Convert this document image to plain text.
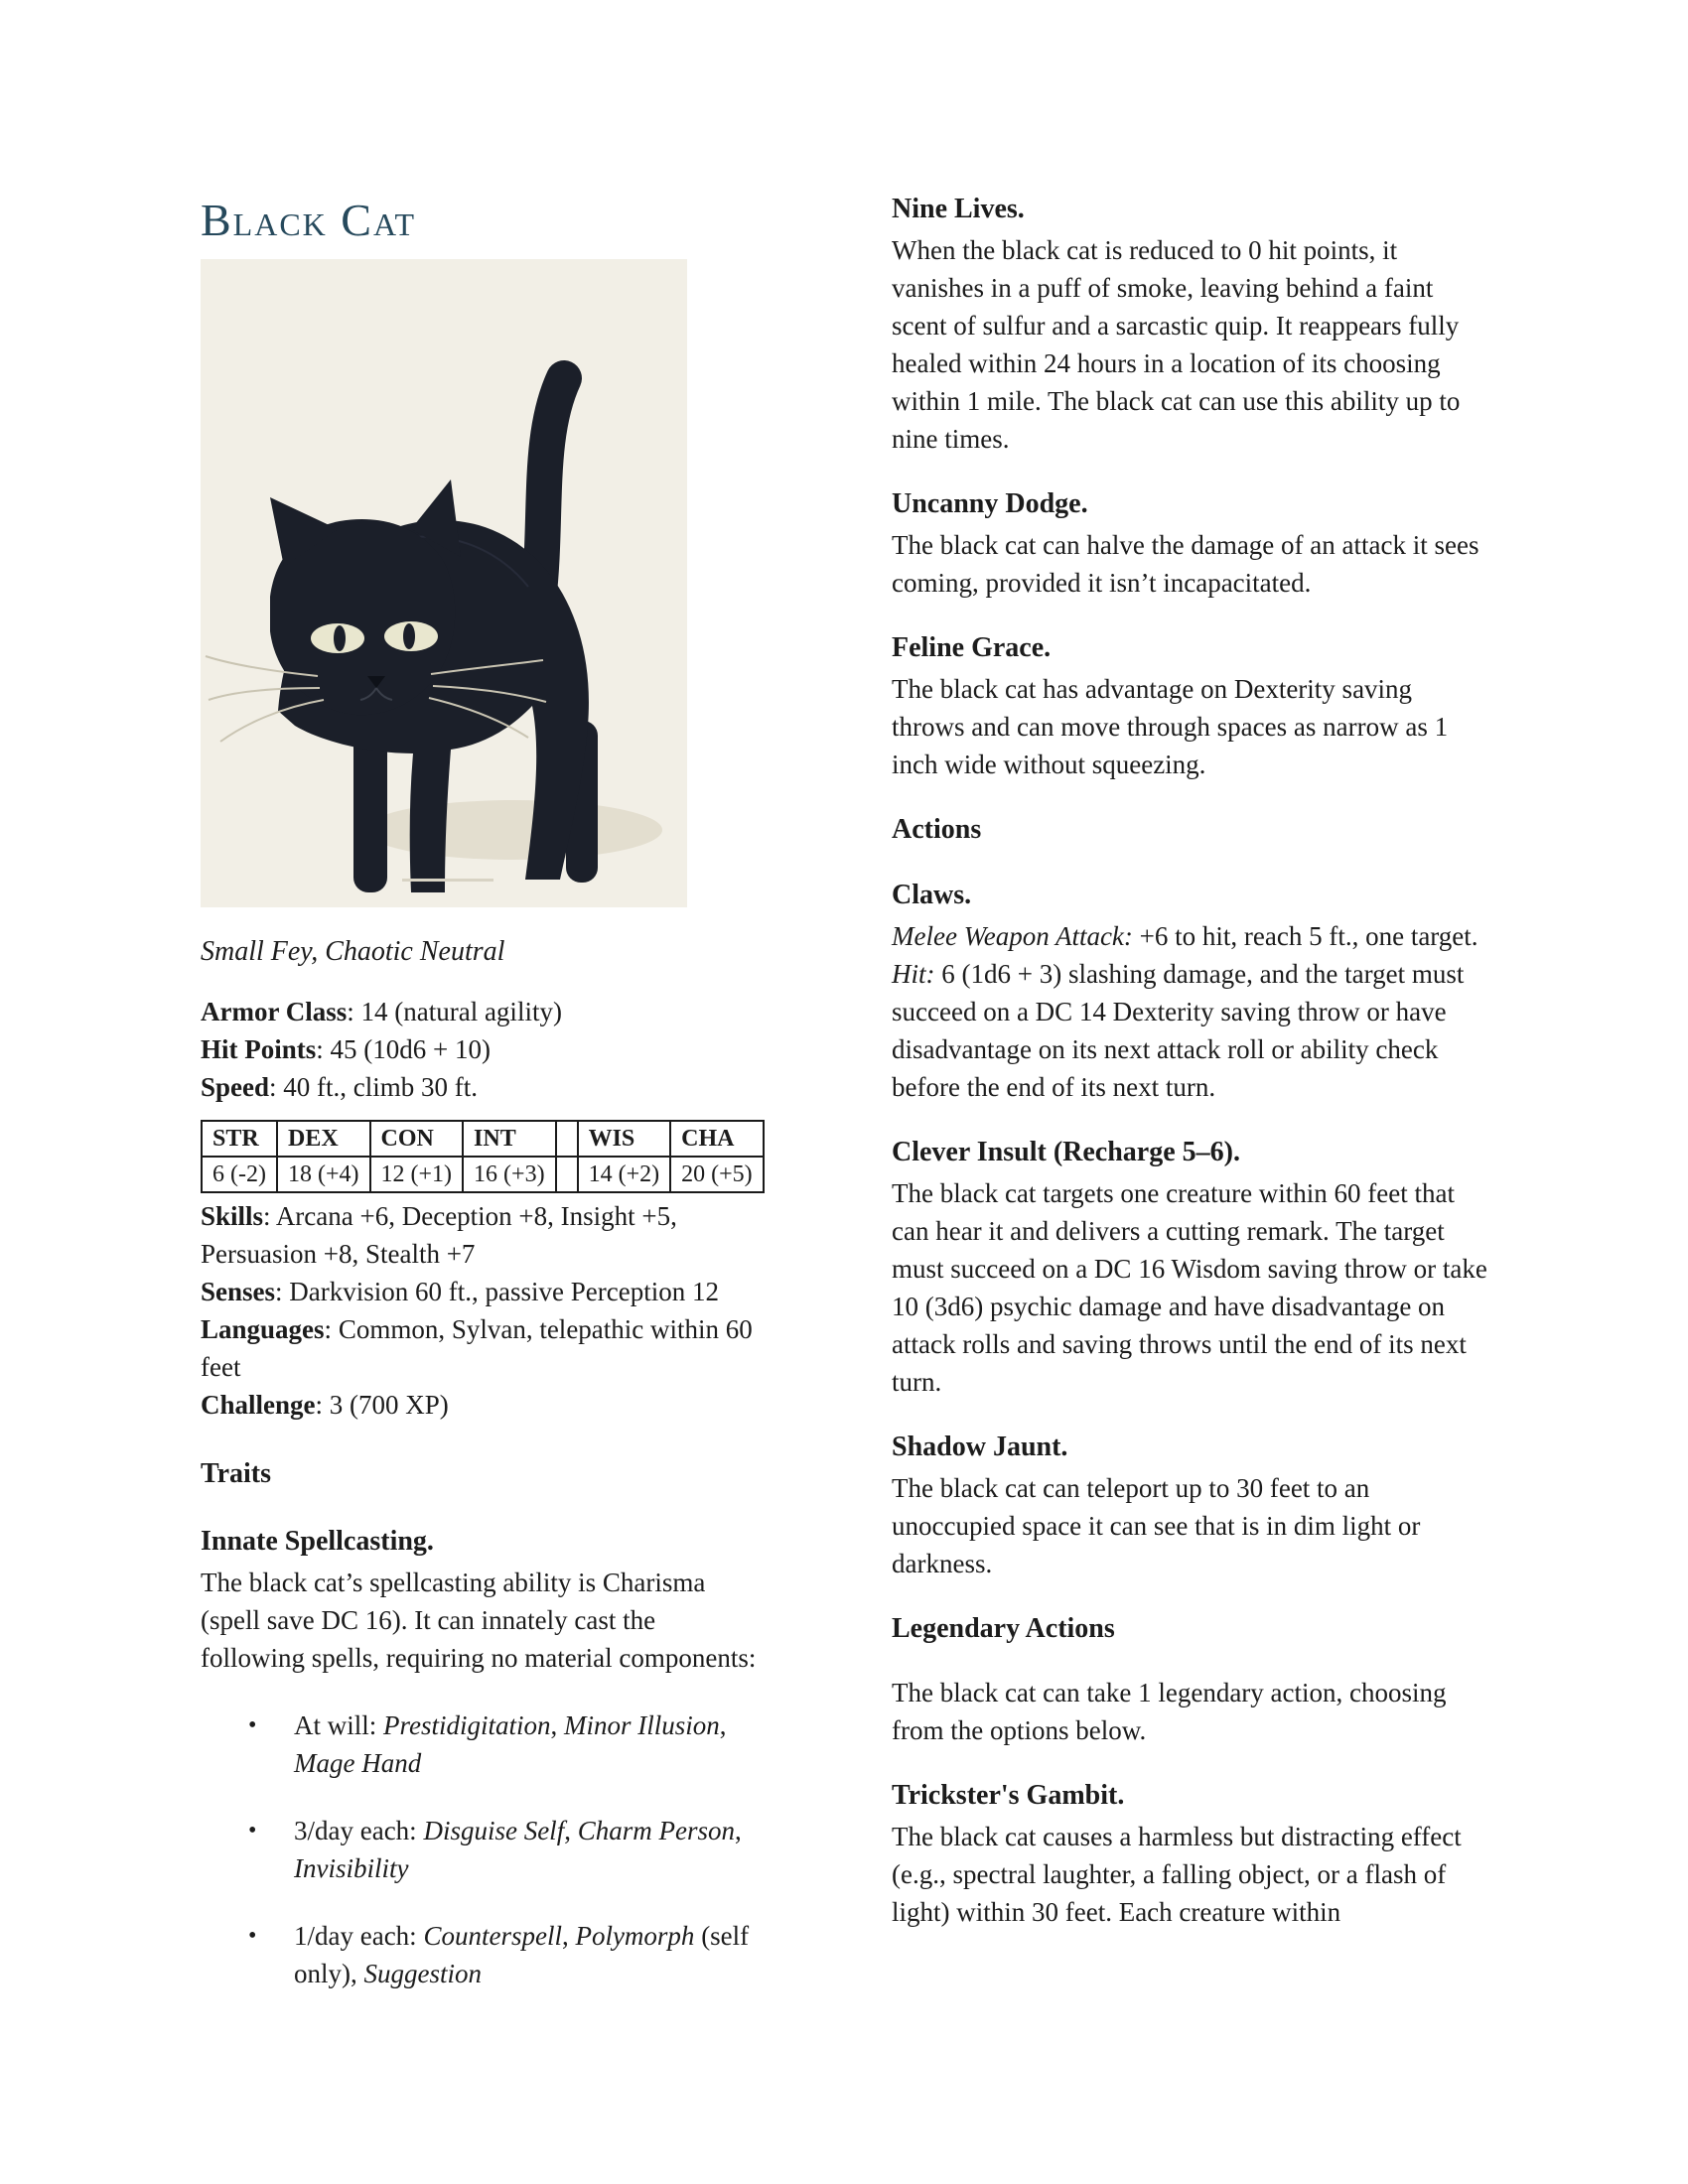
Black Cat
Small Fey, Chaotic Neutral
Armor Class: 14 (natural agility)
Hit Points: 45 (10d6 + 10)
Speed: 40 ft., climb 30 ft.
STR	DEX	CON	INT		WIS	CHA
6 (-2)	18 (+4)	12 (+1)	16 (+3)		14 (+2)	20 (+5)
Skills: Arcana +6, Deception +8, Insight +5, Persuasion +8, Stealth +7
Senses: Darkvision 60 ft., passive Perception 12
Languages: Common, Sylvan, telepathic within 60 feet
Challenge: 3 (700 XP)
Traits
Innate Spellcasting.
The black cat’s spellcasting ability is Charisma (spell save DC 16). It can innately cast the following spells, requiring no material components:
•	At will: Prestidigitation, Minor Illusion, Mage Hand
•	3/day each: Disguise Self, Charm Person, Invisibility
•	1/day each: Counterspell, Polymorph (self only), Suggestion
Nine Lives.
When the black cat is reduced to 0 hit points, it vanishes in a puff of smoke, leaving behind a faint scent of sulfur and a sarcastic quip. It reappears fully healed within 24 hours in a location of its choosing within 1 mile. The black cat can use this ability up to nine times.
Uncanny Dodge.
The black cat can halve the damage of an attack it sees coming, provided it isn’t incapacitated.
Feline Grace.
The black cat has advantage on Dexterity saving throws and can move through spaces as narrow as 1 inch wide without squeezing.
Actions
Claws.
Melee Weapon Attack: +6 to hit, reach 5 ft., one target.
Hit: 6 (1d6 + 3) slashing damage, and the target must succeed on a DC 14 Dexterity saving throw or have disadvantage on its next attack roll or ability check before the end of its next turn.
Clever Insult (Recharge 5–6).
The black cat targets one creature within 60 feet that can hear it and delivers a cutting remark. The target must succeed on a DC 16 Wisdom saving throw or take 10 (3d6) psychic damage and have disadvantage on attack rolls and saving throws until the end of its next turn.
Shadow Jaunt.
The black cat can teleport up to 30 feet to an unoccupied space it can see that is in dim light or darkness.
Legendary Actions
The black cat can take 1 legendary action, choosing from the options below.
Trickster's Gambit.
The black cat causes a harmless but distracting effect (e.g., spectral laughter, a falling object, or a flash of light) within 30 feet. Each creature within
